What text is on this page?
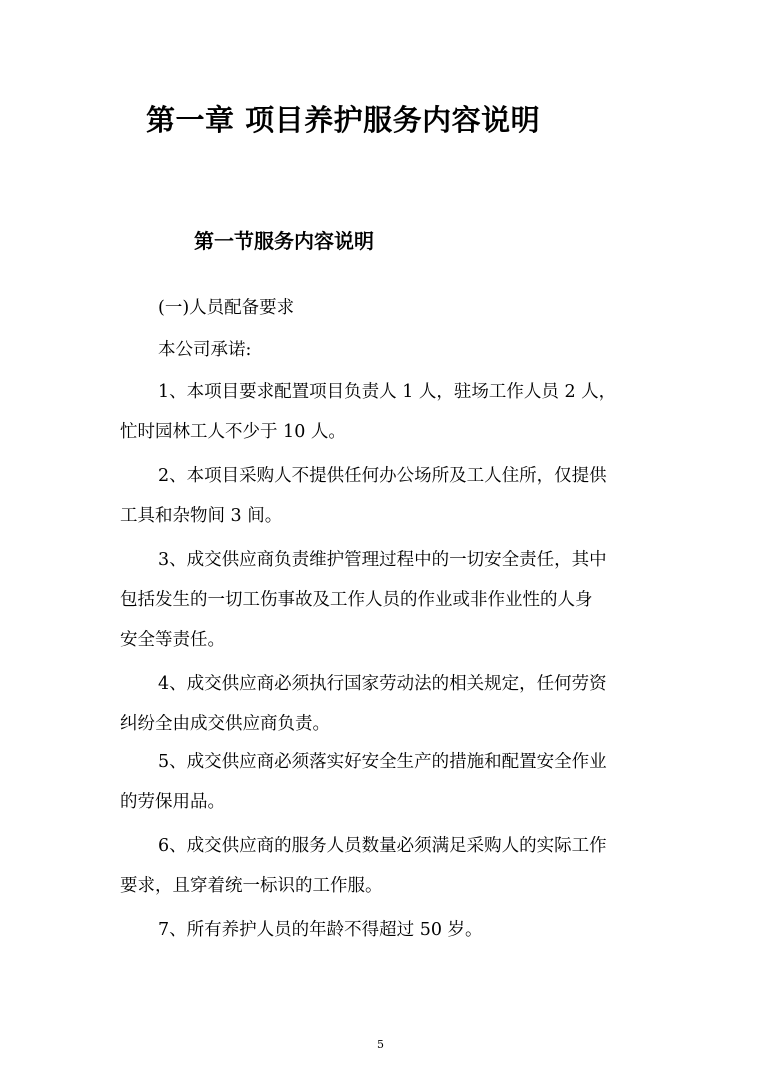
第一章 项目养护服务内容说明
第一节服务内容说明
(一)人员配备要求
本公司承诺:
1、本项目要求配置项目负责人 1 人，驻场工作人员 2 人，
忙时园林工人不少于 10 人。
2、本项目采购人不提供任何办公场所及工人住所，仅提供
工具和杂物间 3 间。
3、成交供应商负责维护管理过程中的一切安全责任，其中
包括发生的一切工伤事故及工作人员的作业或非作业性的人身
安全等责任。
4、成交供应商必须执行国家劳动法的相关规定，任何劳资
纠纷全由成交供应商负责。
5、成交供应商必须落实好安全生产的措施和配置安全作业
的劳保用品。
6、成交供应商的服务人员数量必须满足采购人的实际工作
要求，且穿着统一标识的工作服。
7、所有养护人员的年龄不得超过 50 岁。
5
